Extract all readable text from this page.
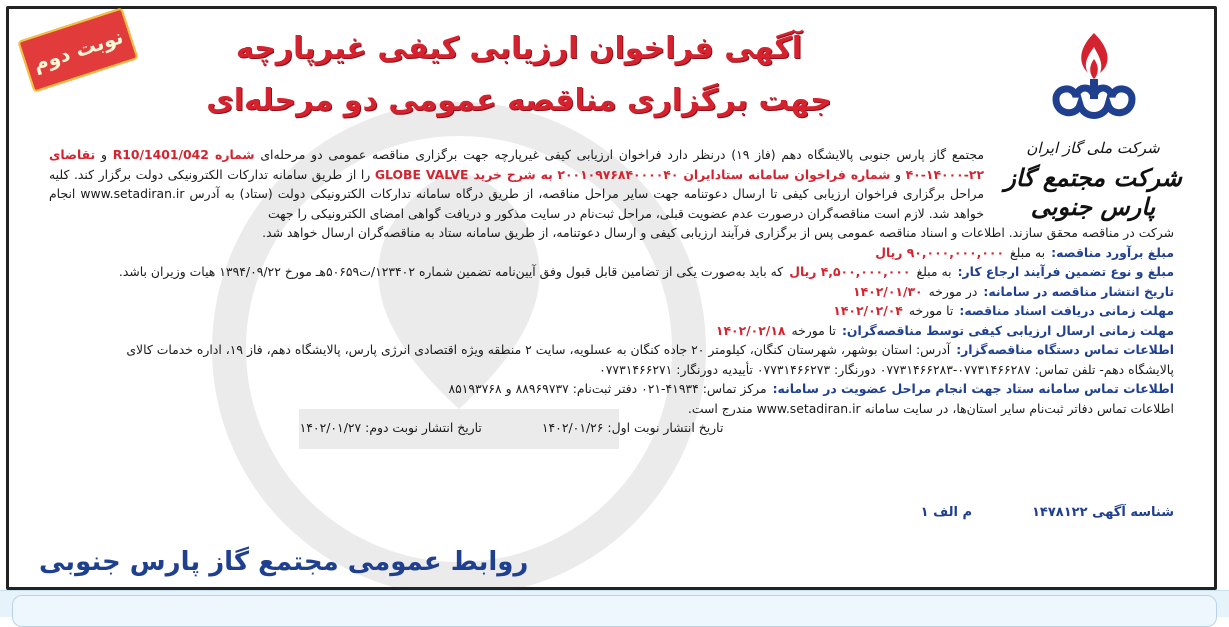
نوبت دوم
شرکت ملی گاز ایران
شرکت مجتمع گاز پارس جنوبی
آگهی فراخوان ارزیابی کیفی غیرپارچه
جهت برگزاری مناقصه عمومی دو مرحله‌ای
مجتمع گاز پارس جنوبی پالایشگاه دهم (فاز ۱۹) درنظر دارد فراخوان ارزیابی کیفی غیرپارچه جهت برگزاری مناقصه عمومی دو مرحله‌ای شماره R10/1401/042 و تقاضای ۲۲-۱۴۰۰۰-۴۰ و شماره فراخوان سامانه ستادایران ۲۰۰۱۰۹۷۶۸۴۰۰۰۰۴۰ به شرح خرید GLOBE VALVE را از طریق سامانه تدارکات الکترونیکی دولت برگزار کند. کلیه مراحل برگزاری فراخوان ارزیابی کیفی تا ارسال دعوتنامه جهت سایر مراحل مناقصه، از طریق درگاه سامانه تدارکات الکترونیکی دولت (ستاد) به آدرس www.setadiran.ir انجام خواهد شد. لازم است مناقصه‌گران درصورت عدم عضویت قبلی، مراحل ثبت‌نام در سایت مذکور و دریافت گواهی امضای الکترونیکی را جهت
شرکت در مناقصه محقق سازند. اطلاعات و اسناد مناقصه عمومی پس از برگزاری فرآیند ارزیابی کیفی و ارسال دعوتنامه، از طریق سامانه ستاد به مناقصه‌گران ارسال خواهد شد.
مبلغ برآورد مناقصه:
به مبلغ
۹۰,۰۰۰,۰۰۰,۰۰۰ ریال
مبلغ و نوع تضمین فرآیند ارجاع کار:
به مبلغ
۴,۵۰۰,۰۰۰,۰۰۰ ریال
که باید به‌صورت یکی از تضامین قابل قبول وفق آیین‌نامه تضمین شماره ۱۲۳۴۰۲/ت۵۰۶۵۹هـ مورخ ۱۳۹۴/۰۹/۲۲ هیات وزیران باشد.
تاریخ انتشار مناقصه در سامانه:
در مورخه
۱۴۰۲/۰۱/۳۰
مهلت زمانی دریافت اسناد مناقصه:
تا مورخه
۱۴۰۲/۰۲/۰۴
مهلت زمانی ارسال ارزیابی کیفی توسط مناقصه‌گران:
تا مورخه
۱۴۰۲/۰۲/۱۸
اطلاعات تماس دستگاه مناقصه‌گزار:
آدرس: استان بوشهر، شهرستان کنگان، کیلومتر ۲۰ جاده کنگان به عسلویه، سایت ۲ منطقه ویژه اقتصادی انرژی پارس، پالایشگاه دهم، فاز ۱۹، اداره خدمات کالای
پالایشگاه دهم- تلفن تماس: ۰۷۷۳۱۴۶۶۲۸۷-۰۷۷۳۱۴۶۶۲۸۳ دورنگار: ۰۷۷۳۱۴۶۶۲۷۳ تأییدیه دورنگار: ۰۷۷۳۱۴۶۶۲۷۱
اطلاعات تماس سامانه ستاد جهت انجام مراحل عضویت در سامانه:
مرکز تماس: ۴۱۹۳۴-۰۲۱ دفتر ثبت‌نام: ۸۸۹۶۹۷۳۷ و ۸۵۱۹۳۷۶۸
اطلاعات تماس دفاتر ثبت‌نام سایر استان‌ها، در سایت سامانه www.setadiran.ir مندرج است.
تاریخ انتشار نوبت اول: ۱۴۰۲/۰۱/۲۶
تاریخ انتشار نوبت دوم: ۱۴۰۲/۰۱/۲۷
شناسه آگهی ۱۴۷۸۱۲۲
م الف ۱
روابط عمومی مجتمع گاز پارس جنوبی
